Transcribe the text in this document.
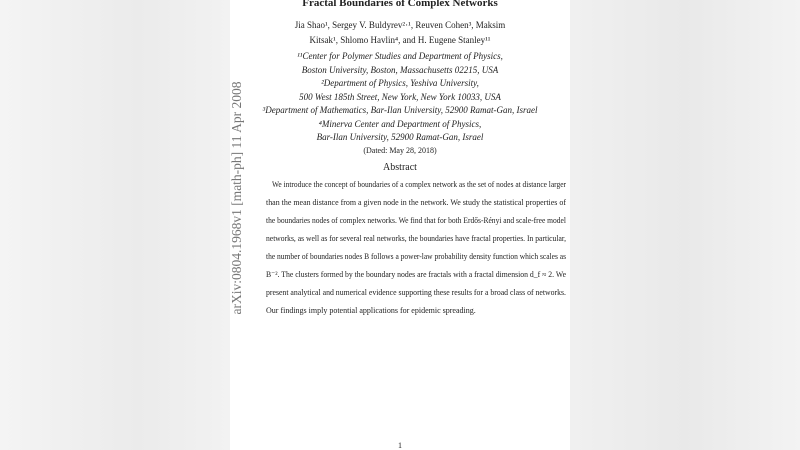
arXiv:0804.1968v1 [math-ph] 11 Apr 2008
Fractal Boundaries of Complex Networks
Jia Shao¹, Sergey V. Buldyrev²·¹, Reuven Cohen³, Maksim
Kitsak¹, Shlomo Havlin⁴, and H. Eugene Stanley¹¹
¹¹Center for Polymer Studies and Department of Physics,
Boston University, Boston, Massachusetts 02215, USA
²Department of Physics, Yeshiva University,
500 West 185th Street, New York, New York 10033, USA
³Department of Mathematics, Bar-Ilan University, 52900 Ramat-Gan, Israel
⁴Minerva Center and Department of Physics,
Bar-Ilan University, 52900 Ramat-Gan, Israel
(Dated: May 28, 2018)
Abstract
We introduce the concept of boundaries of a complex network as the set of nodes at distance larger
than the mean distance from a given node in the network. We study the statistical properties of
the boundaries nodes of complex networks. We find that for both Erdős-Rényi and scale-free model
networks, as well as for several real networks, the boundaries have fractal properties. In particular,
the number of boundaries nodes B follows a power-law probability density function which scales as
B⁻². The clusters formed by the boundary nodes are fractals with a fractal dimension d_f ≈ 2. We
present analytical and numerical evidence supporting these results for a broad class of networks.
Our findings imply potential applications for epidemic spreading.
1
